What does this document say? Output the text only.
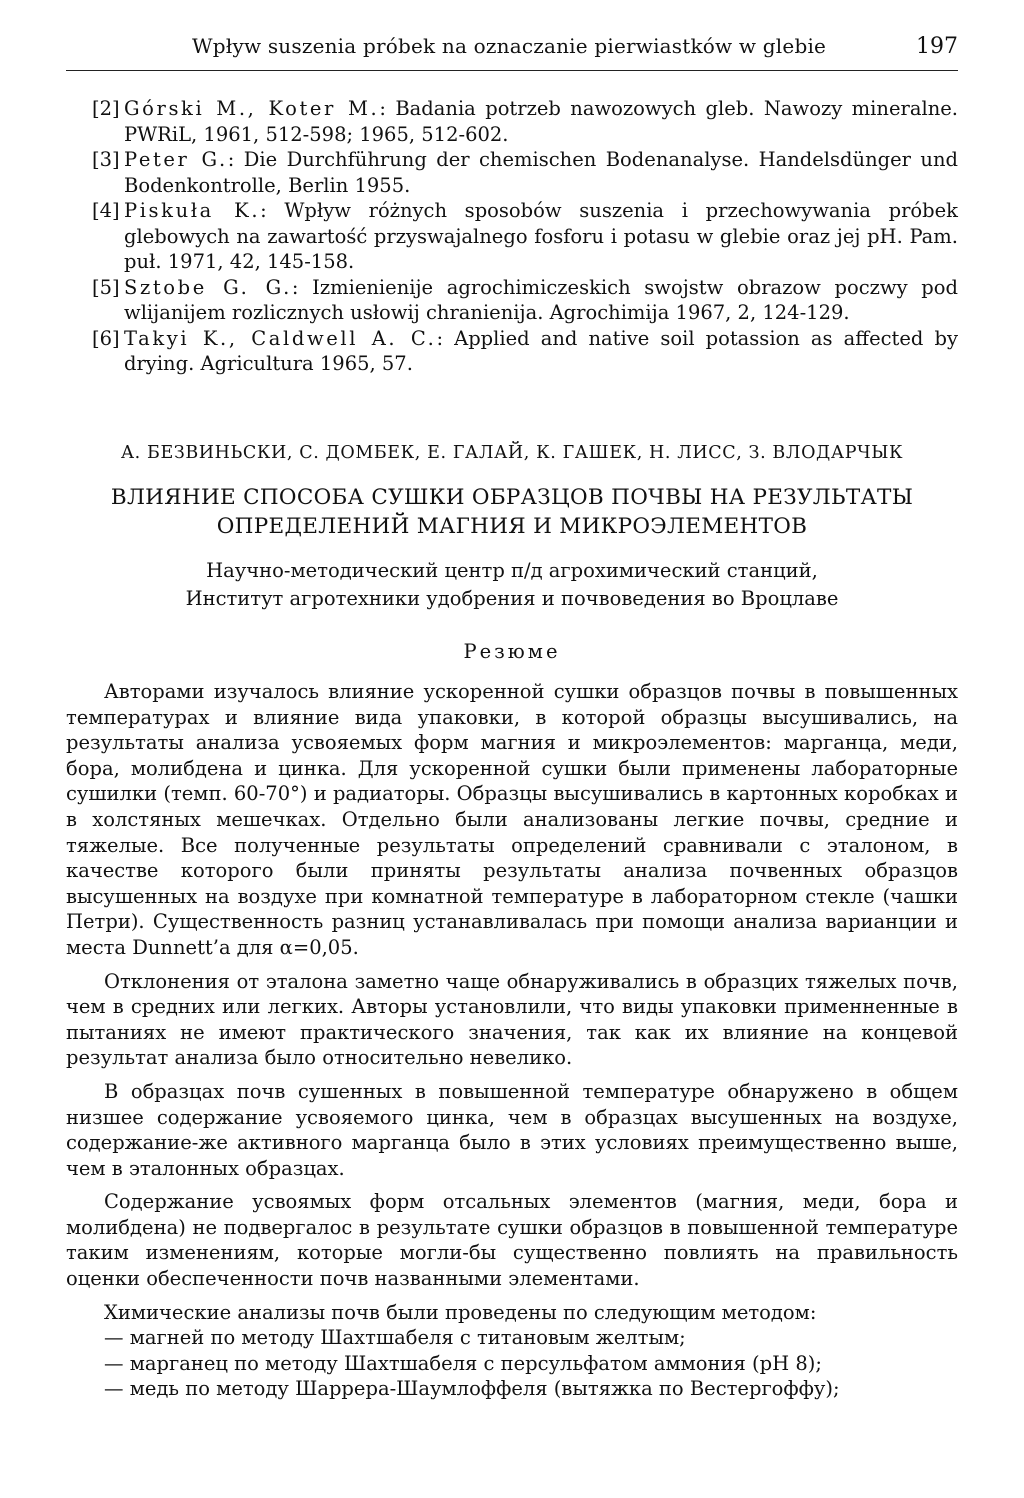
Wpływ suszenia próbek na oznaczanie pierwiastków w glebie	197
[2] Górski M., Koter M.: Badania potrzeb nawozowych gleb. Nawozy mineralne. PWRiL, 1961, 512-598; 1965, 512-602.
[3] Peter G.: Die Durchführung der chemischen Bodenanalyse. Handelsdünger und Bodenkontrolle, Berlin 1955.
[4] Piskuła K.: Wpływ różnych sposobów suszenia i przechowywania próbek glebowych na zawartość przyswajalnego fosforu i potasu w glebie oraz jej pH. Pam. puł. 1971, 42, 145-158.
[5] Sztobe G. G.: Izmienienije agrochimiczeskich swojstw obrazow poczwy pod wlijanijem rozlicznych usłowij chranienija. Agrochimija 1967, 2, 124-129.
[6] Takyi K., Caldwell A. C.: Applied and native soil potassion as affected by drying. Agricultura 1965, 57.
А. БЕЗВИНЬСКИ, С. ДОМБЕК, Е. ГАЛАЙ, К. ГАШЕК, Н. ЛИСС, З. ВЛОДАРЧЫК
ВЛИЯНИЕ СПОСОБА СУШКИ ОБРАЗЦОВ ПОЧВЫ НА РЕЗУЛЬТАТЫ
ОПРЕДЕЛЕНИЙ МАГНИЯ И МИКРОЭЛЕМЕНТОВ
Научно-методический центр п/д агрохимический станций,
Институт агротехники удобрения и почвоведения во Вроцлаве
Резюме

Авторами изучалось влияние ускоренной сушки образцов почвы в повышенных температурах и влияние вида упаковки, в которой образцы высушивались, на результаты анализа усвояемых форм магния и микроэлементов: марганца, меди, бора, молибдена и цинка. Для ускоренной сушки были применены лабораторные сушилки (темп. 60-70°) и радиаторы. Образцы высушивались в картонных коробках и в холстяных мешечках. Отдельно были анализованы легкие почвы, средние и тяжелые. Все полученные результаты определений сравнивали с эталоном, в качестве которого были приняты результаты анализа почвенных образцов высушенных на воздухе при комнатной температуре в лабораторном стекле (чашки Петри). Существенность разниц устанавливалась при помощи анализа варианции и места Dunnett’a для α=0,05.

Отклонения от эталона заметно чаще обнаруживались в образцих тяжелых почв, чем в средних или легких. Авторы установлили, что виды упаковки применненные в пытаниях не имеют практического значения, так как их влияние на концевой результат анализа было относительно невелико.

В образцах почв сушенных в повышенной температуре обнаружено в общем низшее содержание усвояемого цинка, чем в образцах высушенных на воздухе, содержание-же активного марганца было в этих условиях преимущественно выше, чем в эталонных образцах.

Содержание усвоямых форм отсальных элементов (магния, меди, бора и молибдена) не подвергалос в результате сушки образцов в повышенной температуре таким изменениям, которые могли-бы существенно повлиять на правильность оценки обеспеченности почв названными элементами.

Химические анализы почв были проведены по следующим методом:

— магней по методу Шахтшабеля с титановым желтым;
— марганец по методу Шахтшабеля с персульфатом аммония (pH 8);
— медь по методу Шаррера-Шаумлоффеля (вытяжка по Вестергоффу);
